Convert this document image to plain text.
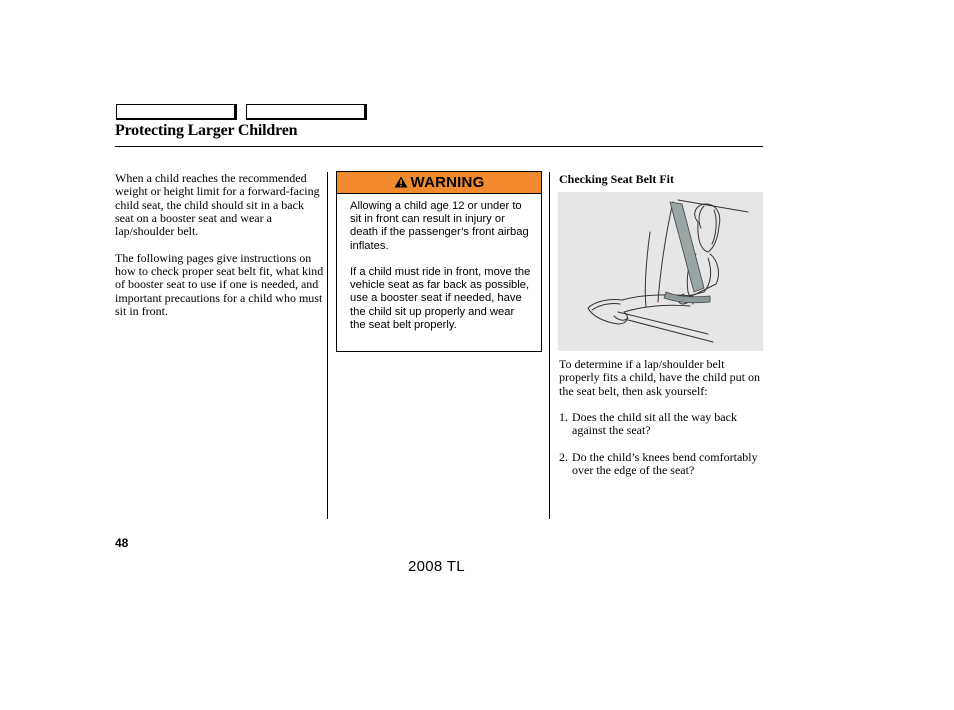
Protecting Larger Children

When a child reaches the recommended weight or height limit for a forward-facing child seat, the child should sit in a back seat on a booster seat and wear a lap/shoulder belt.

The following pages give instructions on how to check proper seat belt fit, what kind of booster seat to use if one is needed, and important precautions for a child who must sit in front.

WARNING

Allowing a child age 12 or under to sit in front can result in injury or death if the passenger’s front airbag inflates.

If a child must ride in front, move the vehicle seat as far back as possible, use a booster seat if needed, have the child sit up properly and wear the seat belt properly.

Checking Seat Belt Fit

To determine if a lap/shoulder belt properly fits a child, have the child put on the seat belt, then ask yourself:

1. Does the child sit all the way back against the seat?
2. Do the child’s knees bend comfortably over the edge of the seat?
48
2008 TL
